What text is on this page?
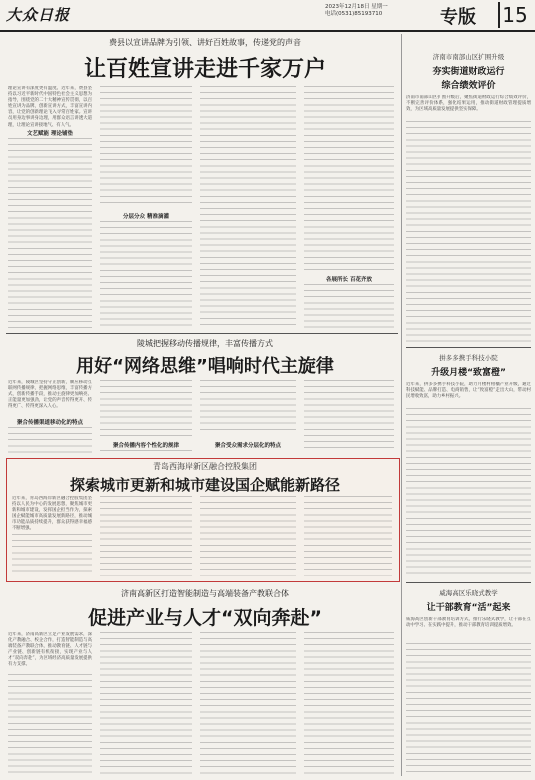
大众日报	2023年12月18日 星期一
电话(0531)85193710	专版 15
费县以宣讲品牌为引领、讲好百姓故事，传递党的声音
让百姓宣讲走进千家万户
理论宣讲有深度更有温度。近年来，费县坚持以习近平新时代中国特色社会主义思想为指导，围绕党的二十大精神宣传贯彻，以百姓宣讲为品牌，创新宣讲方式，丰富宣讲内容，让党的创新理论飞入寻常百姓家。宣讲员用身边事讲身边理，用群众语言讲透大道理，让理论宣讲接地气、有人气。
文艺赋能 理论铺垫
分层分众 精准滴灌
各展所长 百花齐放
陵城把握移动传播规律，丰富传播方式
用好“网络思维”唱响时代主旋律
近年来，陵城区坚持守正创新，顺应移动互联网传播规律，把握网络思维，丰富传播方式，创新传播手段，推动主旋律更加响亮、正能量更加强劲，让党的声音传得更开、传得更广、传得更深入人心。
聚合传播渠道移动化的特点
聚合传播内容个性化的规律	聚合受众需求分层化的特点
青岛西海岸新区融合控股集团
探索城市更新和城市建设国企赋能新路径
近年来，青岛西海岸新区融合控股集团坚持以人民为中心的发展思想，聚焦城市更新和城市建设，发挥国企担当作为，探索国企赋能城市高质量发展新路径，推动城市功能品质持续提升，群众获得感幸福感不断增强。
济南高新区打造智能制造与高端装备产教联合体
促进产业与人才“双向奔赴”
近年来，济南高新区立足产业发展需求，深化产教融合、校企合作，打造智能制造与高端装备产教联合体，推动教育链、人才链与产业链、创新链有机衔接，实现产业与人才“双向奔赴”，为区域经济高质量发展提供有力支撑。
济南市南部山区扩围升级
夯实街道财政运行
综合绩效评价
济南市南部山区扩围升级后，聚焦街道财政运行综合绩效评价，不断完善评价体系，强化结果运用，推动街道财政管理提质增效，为区域高质量发展提供坚实保障。
拼多多携手科技小院
升级月楼“致富橙”
近年来，拼多多携手科技小院，助力月楼村柑橘产业升级，通过科技赋能、品牌打造、电商销售，让“致富橙”走出大山，带动村民增收致富，助力乡村振兴。
威海高区乐晓式教学
让干部教育“活”起来
威海高区创新干部教育培训方式，推行乐晓式教学，让干部在互动中学习、在实践中提升，推动干部教育培训提质增效。
